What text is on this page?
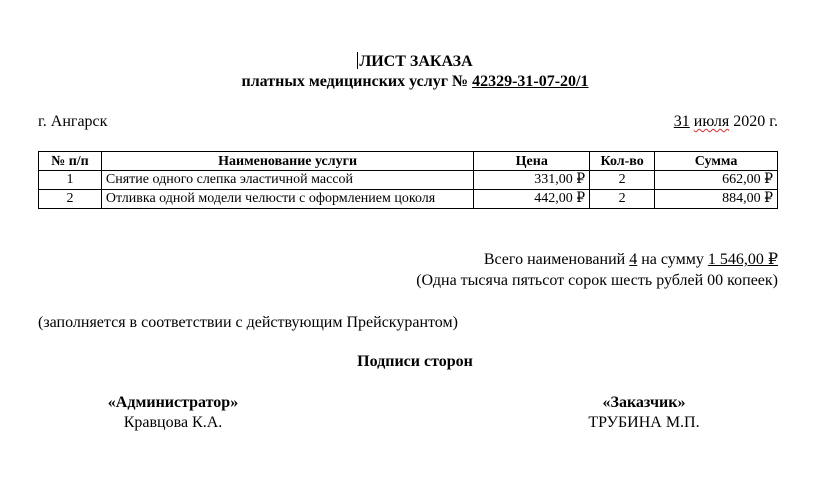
ЛИСТ ЗАКАЗА
платных медицинских услуг № 42329-31-07-20/1
г. Ангарск	31 июля 2020 г.
№ п/п	Наименование услуги	Цена	Кол-во	Сумма
1	Снятие одного слепка эластичной массой	331,00 ₽	2	662,00 ₽
2	Отливка одной модели челюсти с оформлением цоколя	442,00 ₽	2	884,00 ₽
Всего наименований 4 на сумму 1 546,00 ₽
(Одна тысяча пятьсот сорок шесть рублей 00 копеек)
(заполняется в соответствии с действующим Прейскурантом)
Подписи сторон
«Администратор»
Кравцова К.А.
«Заказчик»
ТРУБИНА М.П.
